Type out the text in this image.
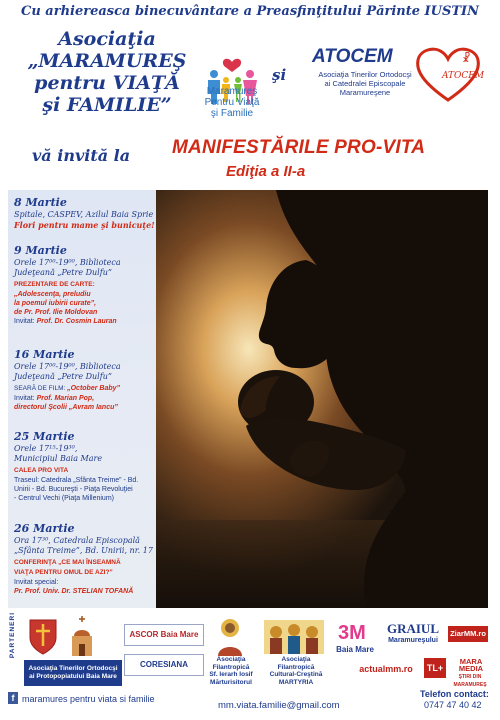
Cu arhiereasca binecuvântare a Preasfinţitului Părinte IUSTIN
Asociaţia
„MARAMUREŞ
pentru VIAŢĂ
şi FAMILIE”
Maramureş
Pentru Viaţă
şi Familie
şi
ATOCEM
Asociaţia Tinerilor Ortodocşi
ai Catedralei Episcopale
Maramureşene
ATOCEM
☧
vă invită la MANIFESTĂRILE PRO-VITA
Ediţia a II-a
8 Martie
Spitale, CASPEV, Azilul Baia Sprie
Flori pentru mame şi bunicuţe!
9 Martie
Orele 17⁰⁰-19⁰⁰, Biblioteca
Judeţeană „Petre Dulfu”
PREZENTARE DE CARTE:
„Adolescenţa, preludiu
la poemul iubirii curate”,
de Pr. Prof. Ilie Moldovan
Invitat: Prof. Dr. Cosmin Lauran
16 Martie
Orele 17⁰⁰-19⁰⁰, Biblioteca
Judeţeană „Petre Dulfu”
SEARĂ DE FILM: „October Baby”
Invitat: Prof. Marian Pop,
directorul Şcolii „Avram Iancu”
25 Martie
Orele 17¹⁵-19³⁰,
Municipiul Baia Mare
CALEA PRO VITA
Traseul: Catedrala „Sfânta Treime” - Bd.
Unirii - Bd. Bucureşti - Piaţa Revoluţiei
- Centrul Vechi (Piaţa Millenium)
26 Martie
Ora 17³⁰, Catedrala Episcopală
„Sfânta Treime”, Bd. Unirii, nr. 17
CONFERINŢA „CE MAI ÎNSEAMNĂ
VIAŢA PENTRU OMUL DE AZI?”
Invitat special:
Pr. Prof. Univ. Dr. STELIAN TOFANĂ
PARTENERI
Asociaţia Tinerilor Ortodocşi
ai Protopopiatului Baia Mare
ASCOR Baia Mare
CORESIANA
Asociaţia
Filantropică
Sf. Ierarh Iosif
Mărturisitorul
Asociaţia
Filantropică
Cultural-Creştină
MARTYRIA
3M
Baia Mare
GRAIUL
Maramureşului
ZiarMM.ro
actualmm.ro	TL+
MARA MEDIA
ŞTIRI DIN MARAMUREŞ
f maramures pentru viata si familie
mm.viata.familie@gmail.com
Telefon contact:
0747 47 40 42
